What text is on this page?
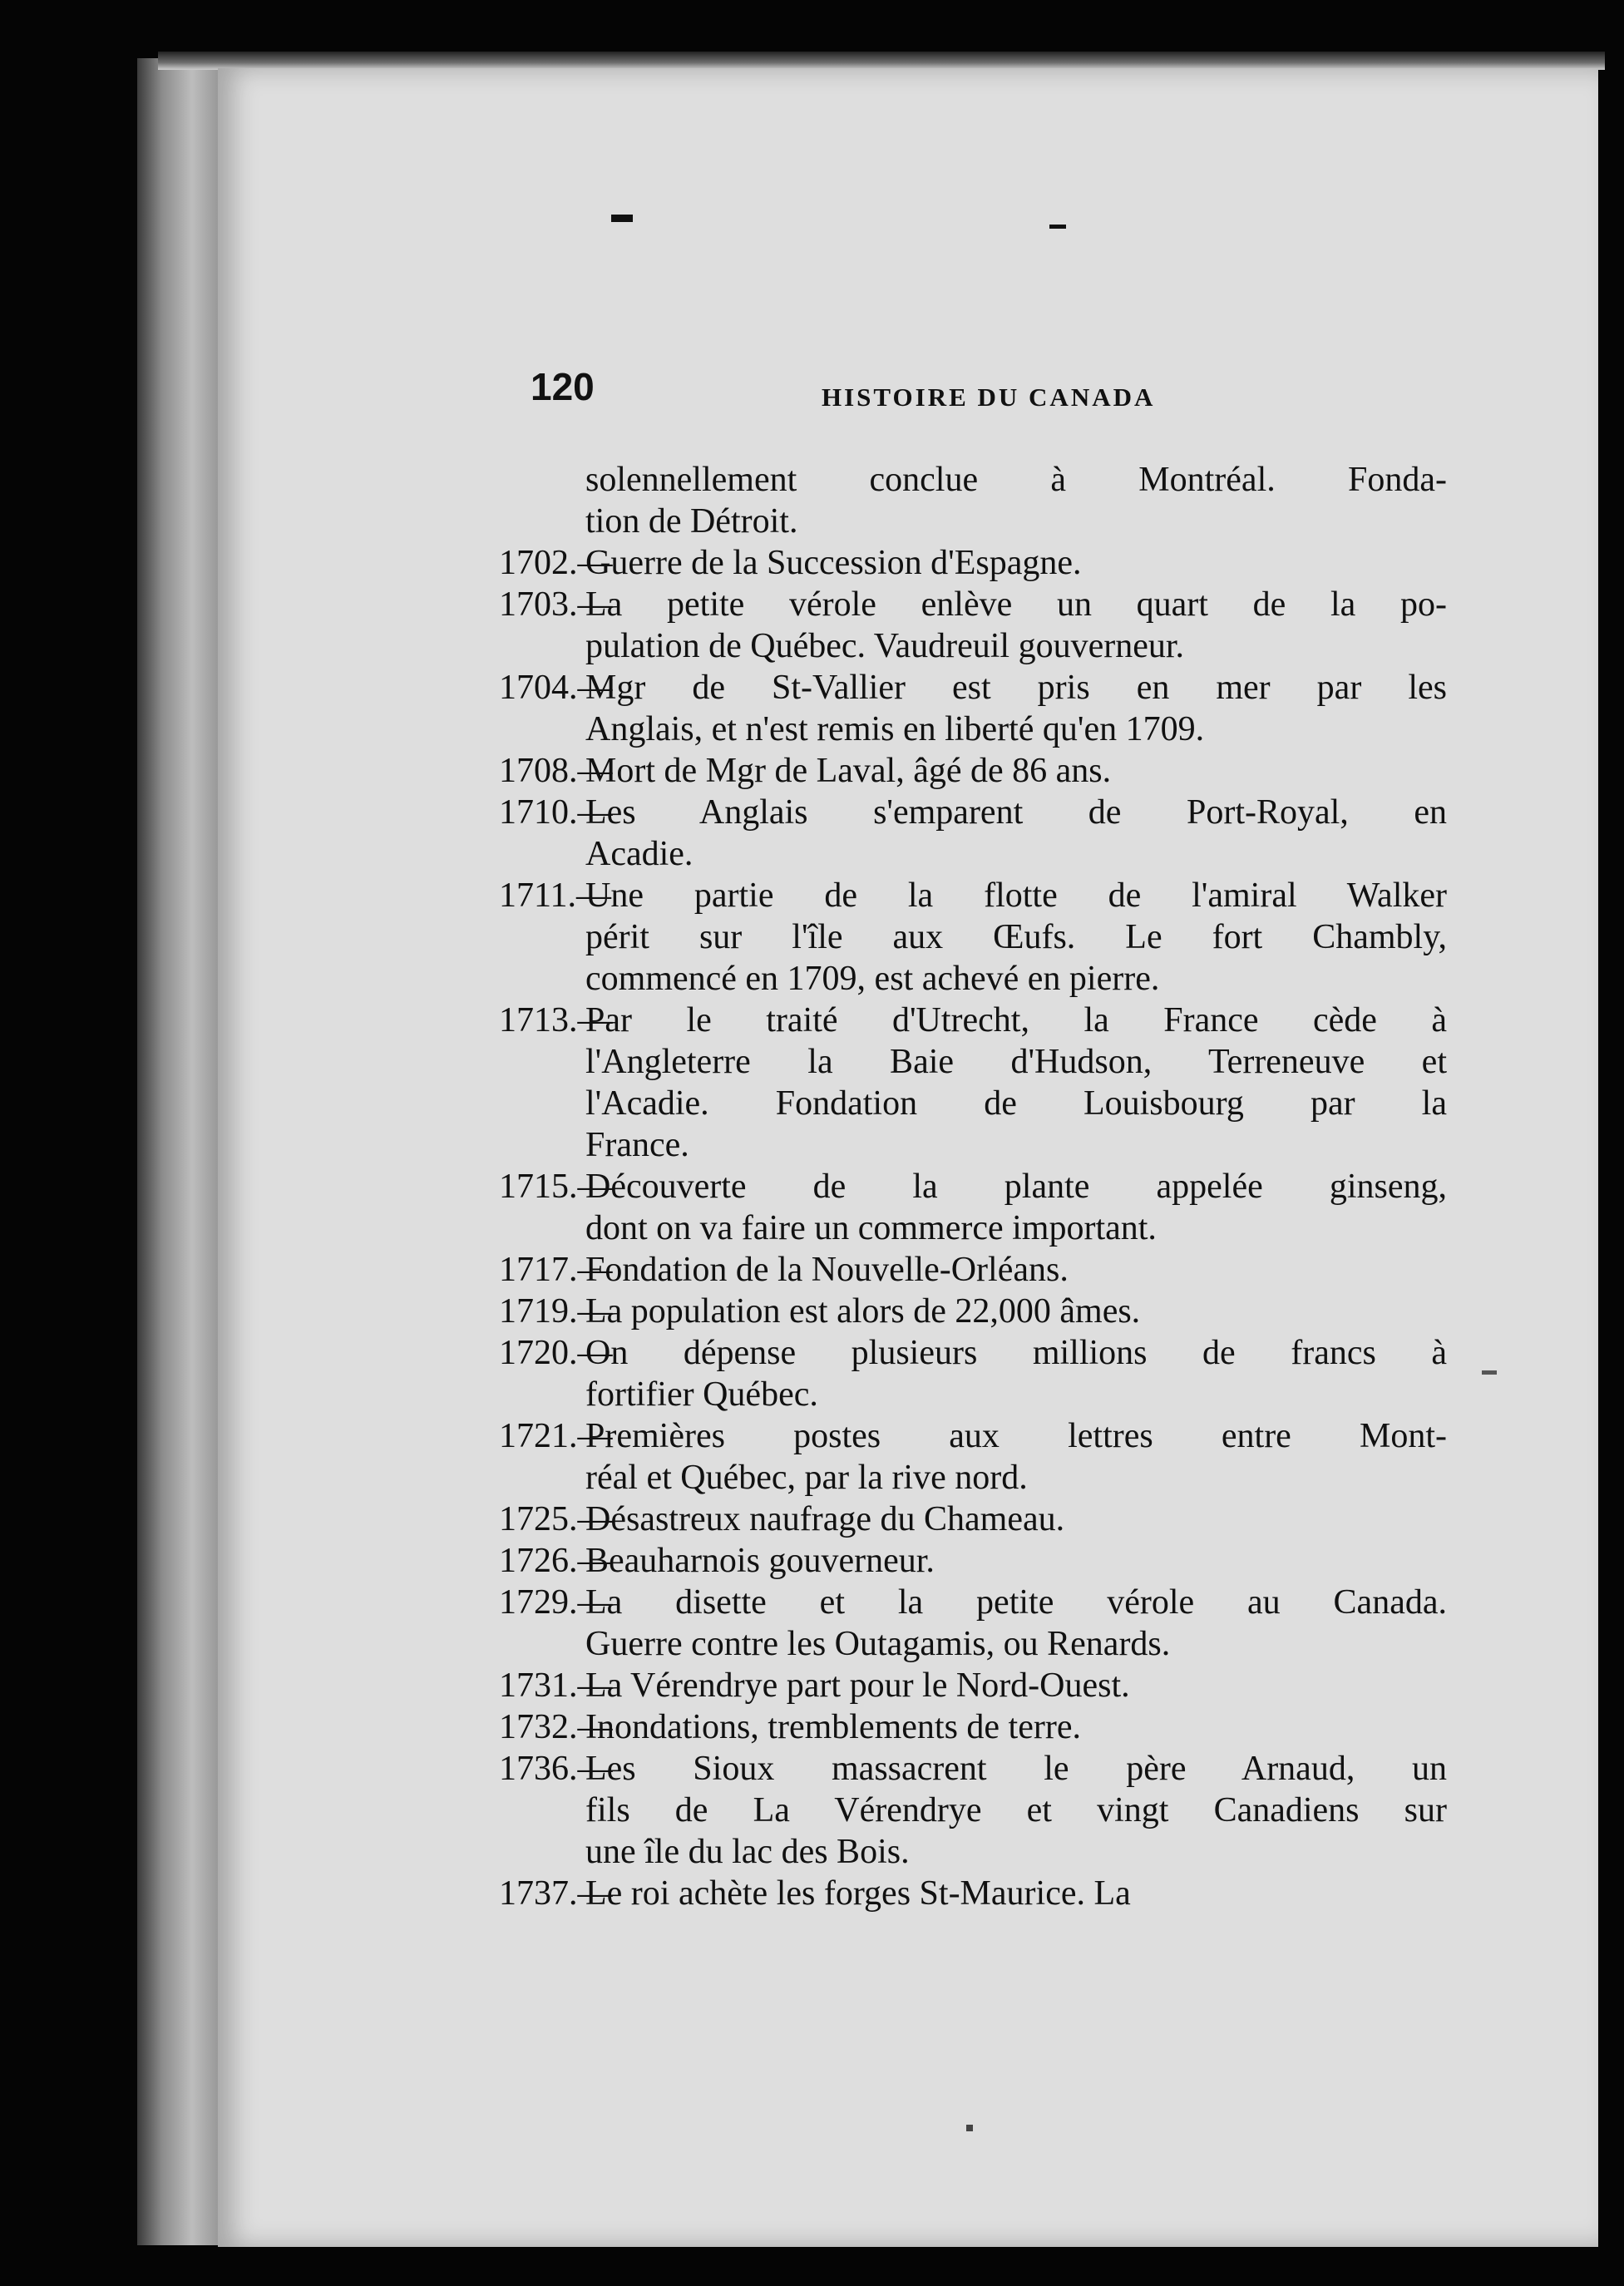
120	HISTOIRE DU CANADA
solennellement conclue à Montréal. Fonda-
tion de Détroit.
1702.—
Guerre de la Succession d'Espagne.
1703.—
La petite vérole enlève un quart de la po-
pulation de Québec. Vaudreuil gouverneur.
1704.—
Mgr de St-Vallier est pris en mer par les
Anglais, et n'est remis en liberté qu'en 1709.
1708.—
Mort de Mgr de Laval, âgé de 86 ans.
1710.—
Les Anglais s'emparent de Port-Royal, en
Acadie.
1711.—
Une partie de la flotte de l'amiral Walker
périt sur l'île aux Œufs. Le fort Chambly,
commencé en 1709, est achevé en pierre.
1713.—
Par le traité d'Utrecht, la France cède à
l'Angleterre la Baie d'Hudson, Terreneuve et
l'Acadie. Fondation de Louisbourg par la
France.
1715.—
Découverte de la plante appelée ginseng,
dont on va faire un commerce important.
1717.—
Fondation de la Nouvelle-Orléans.
1719.—
La population est alors de 22,000 âmes.
1720.—
On dépense plusieurs millions de francs à
fortifier Québec.
1721.—
Premières postes aux lettres entre Mont-
réal et Québec, par la rive nord.
1725.—
Désastreux naufrage du Chameau.
1726.—
Beauharnois gouverneur.
1729.—
La disette et la petite vérole au Canada.
Guerre contre les Outagamis, ou Renards.
1731.—
La Vérendrye part pour le Nord-Ouest.
1732.—
Inondations, tremblements de terre.
1736.—
Les Sioux massacrent le père Arnaud, un
fils de La Vérendrye et vingt Canadiens sur
une île du lac des Bois.
1737.—
Le roi achète les forges St-Maurice. La
